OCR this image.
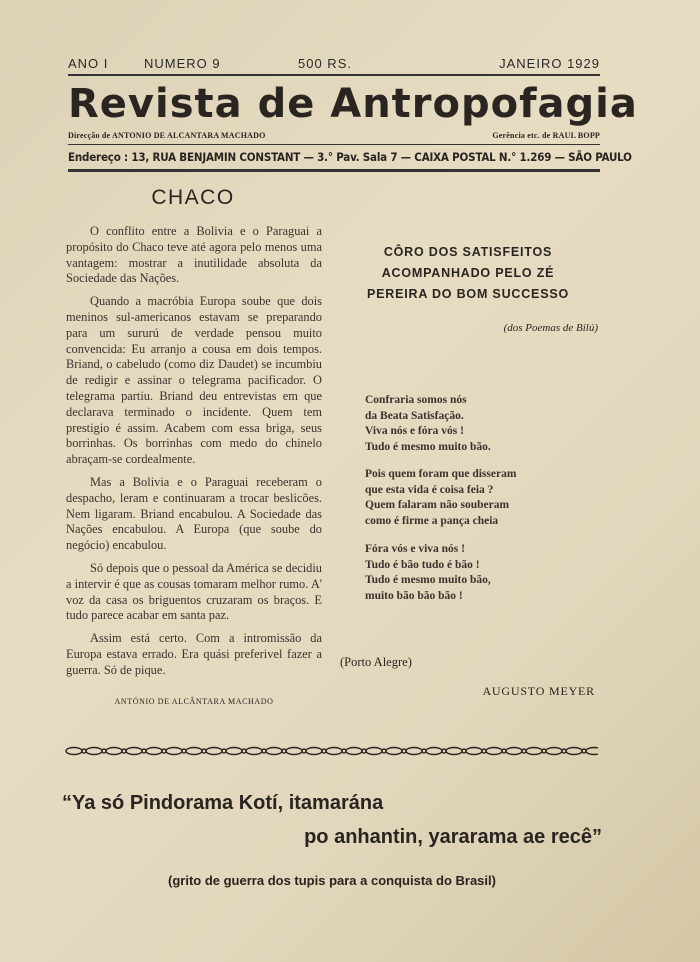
ANO I	NUMERO 9	500 RS.	JANEIRO 1929
Revista de Antropofagia
Direcção de ANTONIO DE ALCANTARA MACHADO	Gerência etc. de RAUL BOPP
Endereço : 13, RUA BENJAMIN CONSTANT — 3.° Pav. Sala 7 — CAIXA POSTAL N.° 1.269 — SÃO PAULO
CHACO

O conflito entre a Bolivia e o Paraguai a propósito do Chaco teve até agora pelo menos uma vantagem: mostrar a inutilidade absoluta da Sociedade das Nações.

Quando a macróbia Europa soube que dois meninos sul-americanos estavam se preparando para um sururú de verdade pensou muito convencida: Eu arranjo a cousa em dois tempos. Briand, o cabeludo (como diz Daudet) se incumbiu de redigir e assinar o telegrama pacificador. O telegrama partiu. Briand deu entrevistas em que declarava terminado o incidente. Quem tem prestigio é assim. Acabem com essa briga, seus borrinhas. Os borrinhas com medo do chinelo abraçam-se cordealmente.

Mas a Bolivia e o Paraguai receberam o despacho, leram e continuaram a trocar beslicões. Nem ligaram. Briand encabulou. A Sociedade das Nações encabulou. A Europa (que soube do negócio) encabulou.

Só depois que o pessoal da América se decidiu a intervir é que as cousas tomaram melhor rumo. A' voz da casa os briguentos cruzaram os braços. E tudo parece acabar em santa paz.

Assim está certo. Com a intromissão da Europa estava errado. Era quási preferivel fazer a guerra. Só de pique.

ANTÓNIO DE ALCÂNTARA MACHADO
CÔRO DOS SATISFEITOS
ACOMPANHADO PELO ZÉ
PEREIRA DO BOM SUCCESSO
(dos Poemas de Bilú)
Confraria somos nós
da Beata Satisfação.
Viva nós e fóra vós !
Tudo é mesmo muito bão.
Pois quem foram que disseram
que esta vida é coisa feia ?
Quem falaram não souberam
como é firme a pança cheia
Fóra vós e viva nós !
Tudo é bão tudo é bão !
Tudo é mesmo muito bão,
muito bão bão bão !
(Porto Alegre)
AUGUSTO MEYER
“Ya só Pindorama Kotí, itamarána
po anhantin, yararama ae recê”
(grito de guerra dos tupis para a conquista do Brasil)
